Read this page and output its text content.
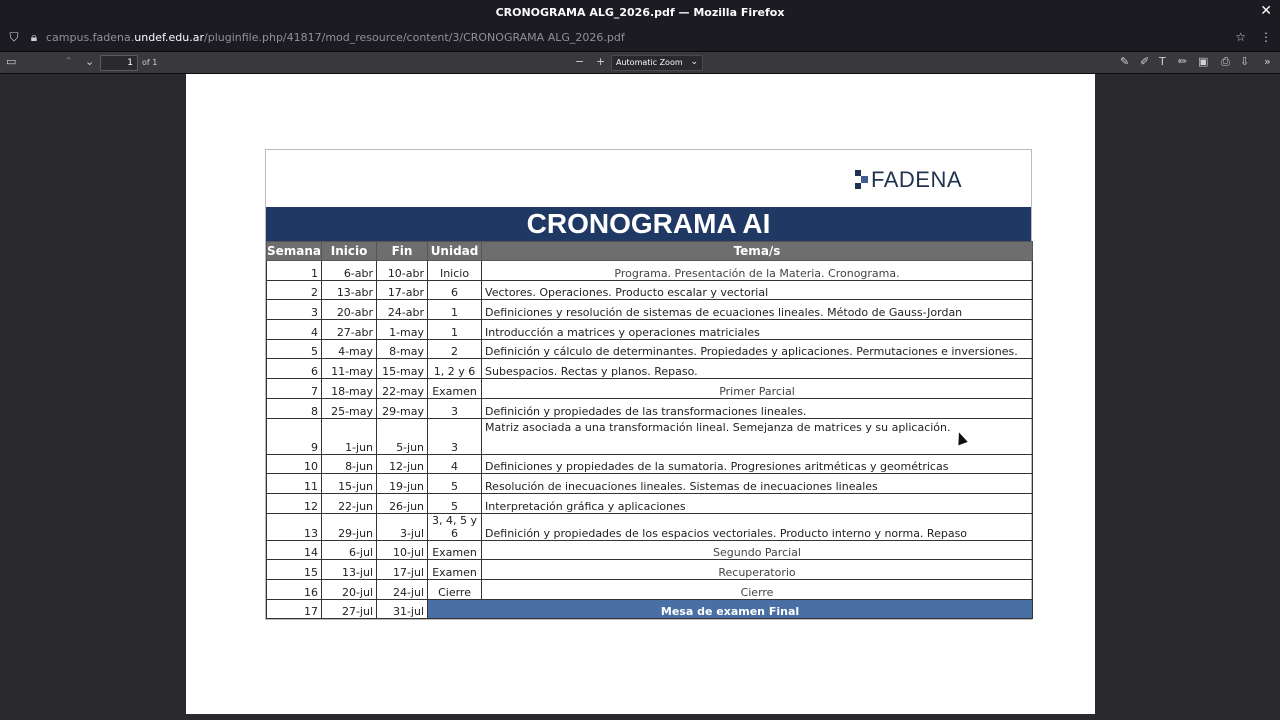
CRONOGRAMA ALG_2026.pdf — Mozilla Firefox	✕
⛉	🔒︎ campus.fadena.undef.edu.ar/pluginfile.php/41817/mod_resource/content/3/CRONOGRAMA ALG_2026.pdf	☆ ⋮
▭	⌃ ⌄	1	of 1	− +	Automatic Zoom ⌄	✎ ✐ T ✏ ▣ ⎙ ⇩ »
FADENA
CRONOGRAMA AI
Semana	Inicio	Fin	Unidad	Tema/s
1	6-abr	10-abr	Inicio	Programa. Presentación de la Materia. Cronograma.
2	13-abr	17-abr	6	Vectores. Operaciones. Producto escalar y vectorial
3	20-abr	24-abr	1	Definiciones y resolución de sistemas de ecuaciones lineales. Método de Gauss-Jordan
4	27-abr	1-may	1	Introducción a matrices y operaciones matriciales
5	4-may	8-may	2	Definición y cálculo de determinantes. Propiedades y aplicaciones. Permutaciones e inversiones.
6	11-may	15-may	1, 2 y 6	Subespacios. Rectas y planos. Repaso.
7	18-may	22-may	Examen	Primer Parcial
8	25-may	29-may	3	Definición y propiedades de las transformaciones lineales.
9	1-jun	5-jun	3	Matriz asociada a una transformación lineal. Semejanza de matrices y su aplicación.
10	8-jun	12-jun	4	Definiciones y propiedades de la sumatoria. Progresiones aritméticas y geométricas
11	15-jun	19-jun	5	Resolución de inecuaciones lineales. Sistemas de inecuaciones lineales
12	22-jun	26-jun	5	Interpretación gráfica y aplicaciones
13	29-jun	3-jul	3, 4, 5 y 6	Definición y propiedades de los espacios vectoriales. Producto interno y norma. Repaso
14	6-jul	10-jul	Examen	Segundo Parcial
15	13-jul	17-jul	Examen	Recuperatorio
16	20-jul	24-jul	Cierre	Cierre
17	27-jul	31-jul	Mesa de examen Final	
